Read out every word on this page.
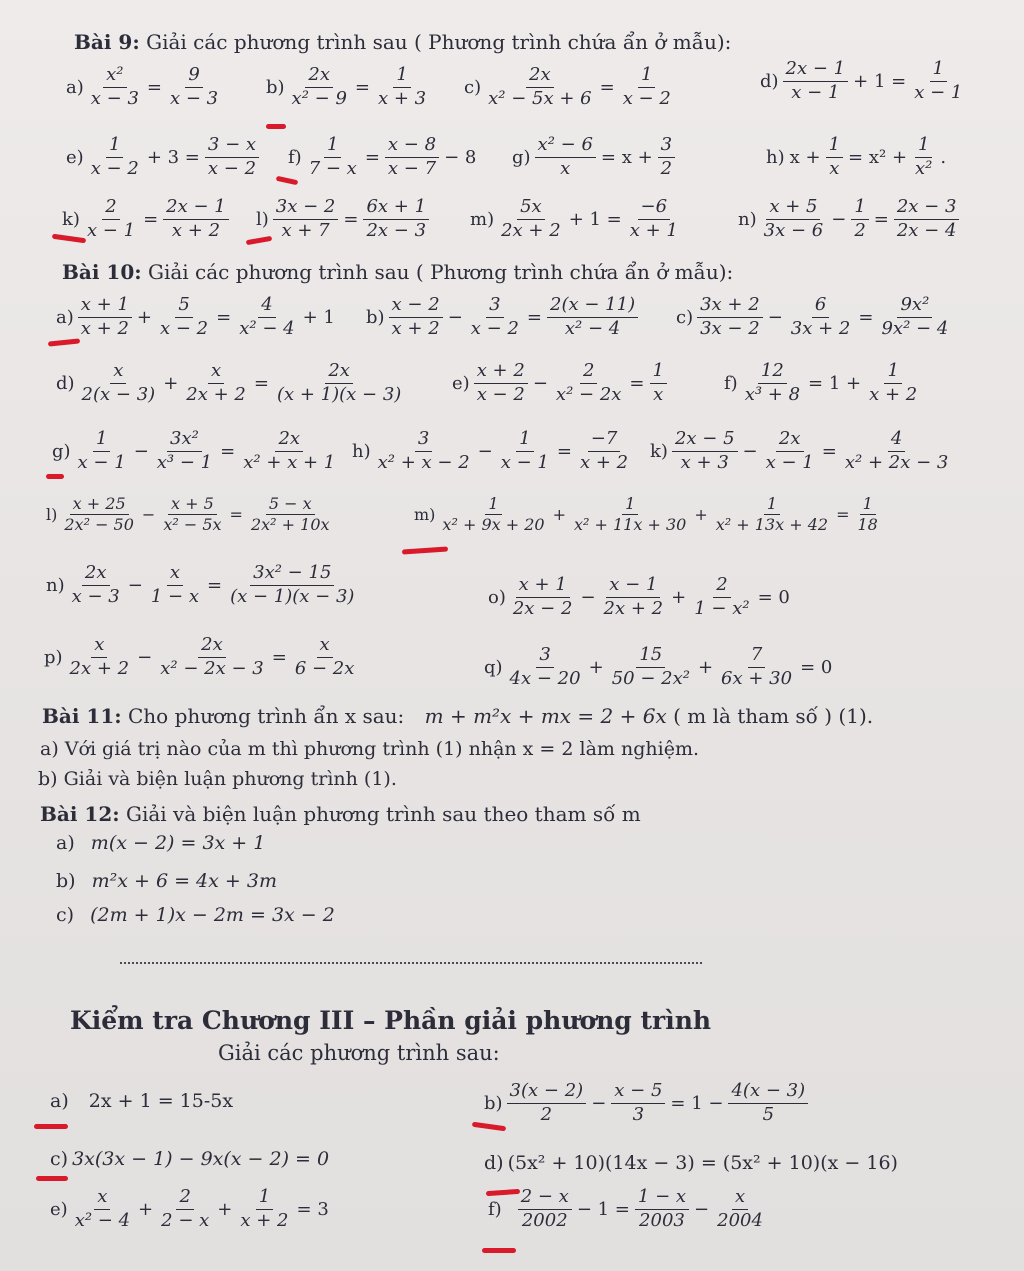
Bài 9: Giải các phương trình sau ( Phương trình chứa ẩn ở mẫu):
$a) \frac{\text{x²}}{x - 3} = \frac{9}{x - 3} b) \frac{2x}{\text{x² − 9}} = \frac{1}{x + 3} c) \frac{2x}{\text{x² − 5x + 6}} = \frac{1}{x - 2}$	$d) \frac{2x - 1}{x - 1} + 1 = \frac{1}{x - 1}$
$e) \frac{1}{x - 2} + 3 = \frac{3 - x}{x - 2} f) \frac{1}{7 - x} = \frac{x - 8}{x - 7} - 8$ $g) \frac{\text{x² − 6}}{x} = x + \frac{3}{2}$	h) $x + \frac{1}{x} = x^2 + \frac{1}{\text{x²}}$ .
$k) \frac{2}{x - 1} = \frac{2x - 1}{x + 2} l) \frac{3x - 2}{x + 7} = \frac{6x + 1}{2x - 3} m) \frac{5x}{2x + 2} + 1 = \frac{-6}{x + 1}$	$n) \frac{x + 5}{3x - 6} - \frac{1}{2} = \frac{2x - 3}{2x - 4}$
Bài 10: Giải các phương trình sau ( Phương trình chứa ẩn ở mẫu):
$a) \frac{x + 1}{x + 2} + \frac{5}{x - 2} = \frac{4}{\text{x² − 4}} + 1$ $b) \frac{x - 2}{x + 2} - \frac{3}{x - 2} = \frac{2(x - 11)}{\text{x² − 4}} c) \frac{3x + 2}{3x - 2} - \frac{6}{3x + 2} = \frac{\text{9x²}}{\text{9x² − 4}}$
$d) \frac{x}{2(x - 3)} + \frac{x}{2x + 2} = \frac{2x}{(x + 1)(x - 3)}$	$e) \frac{x + 2}{x - 2} - \frac{2}{\text{x² − 2x}} = \frac{1}{x}$	$f) \frac{12}{\text{x³ + 8}} = 1 + \frac{1}{x + 2}$
$g) \frac{1}{x - 1} - \frac{\text{3x²}}{\text{x³ − 1}} = \frac{2x}{\text{x² + x + 1}} h) \frac{3}{\text{x² + x − 2}} - \frac{1}{x - 1} = \frac{-7}{x + 2} k) \frac{2x - 5}{x + 3} - \frac{2x}{x - 1} = \frac{4}{\text{x² + 2x − 3}}$
$l) \frac{x + 25}{\text{2x² − 50}} - \frac{x + 5}{\text{x² − 5x}} = \frac{5 - x}{\text{2x² + 10x}}$	$m) \frac{1}{\text{x² + 9x + 20}} + \frac{1}{\text{x² + 11x + 30}} + \frac{1}{\text{x² + 13x + 42}} = \frac{1}{18}$
$n) \frac{2x}{x - 3} - \frac{x}{1 - x} = \frac{\text{3x² − 15}}{(x - 1)(x - 3)}$	$o) \frac{x + 1}{2x - 2} - \frac{x - 1}{2x + 2} + \frac{2}{\text{1 − x²}} = 0$
$p) \frac{x}{2x + 2} - \frac{2x}{\text{x² − 2x − 3}} = \frac{x}{6 - 2x}$	$q) \frac{3}{4x - 20} + \frac{15}{\text{50 − 2x²}} + \frac{7}{6x + 30} = 0$
Bài 11: Cho phương trình ẩn x sau: m + m²x + mx = 2 + 6x ( m là tham số ) (1).
a) Với giá trị nào của m thì phương trình (1) nhận x = 2 làm nghiệm.
b) Giải và biện luận phương trình (1).
Bài 12: Giải và biện luận phương trình sau theo tham số m
a) m(x − 2) = 3x + 1
b) m²x + 6 = 4x + 3m
c) (2m + 1)x − 2m = 3x − 2
Kiểm tra Chương III – Phần giải phương trình
Giải các phương trình sau:
a) 2x + 1 = 15-5x	$b) \frac{3(x - 2)}{2} - \frac{x - 5}{3} = 1 - \frac{4(x - 3)}{5}$
c) 3x(3x − 1) − 9x(x − 2) = 0	d) (5x² + 10)(14x − 3) = (5x² + 10)(x − 16)
$e) \frac{x}{\text{x² − 4}} + \frac{2}{2 - x} + \frac{1}{x + 2} = 3$	$f) \frac{2 - x}{2002} - 1 = \frac{1 - x}{2003} - \frac{x}{2004}$
